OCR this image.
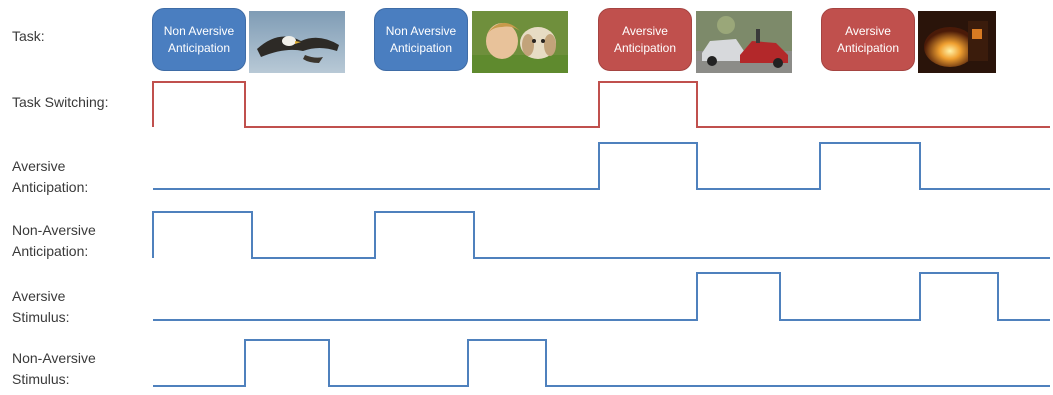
Task:
Task Switching:
Aversive
Anticipation:
Non-Aversive
Anticipation:
Aversive
Stimulus:
Non-Aversive
Stimulus:
Non Aversive
Anticipation
Non Aversive
Anticipation
Aversive
Anticipation
Aversive
Anticipation
